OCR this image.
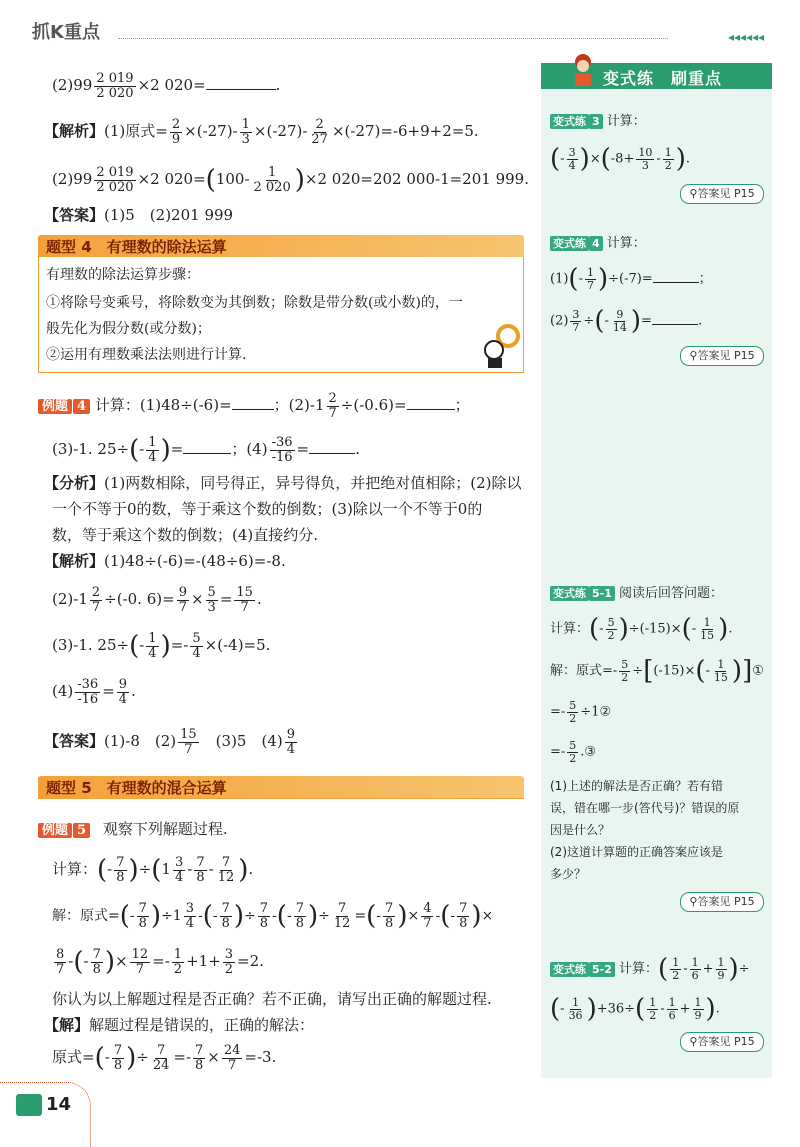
抓K重点	◂◂◂◂◂◂
$(2)99 \frac{2 019}{2 020} \times 2$ 020=	.
【解析】(1)原式= $\frac{2}{9} \times(-27)- \frac{1}{3} \times(-27)- \frac{2}{27} \times(-27)=-6+9+2=5$.
$(2)99 \frac{2 019}{2 020} \times 2$ $020=(100- \frac{1}{2 020} )\times 2$ 020=202 000-1=201 999.
【答案】(1)5　(2)201 999
题型 4　有理数的除法运算
有理数的除法运算步骤：
①将除号变乘号，将除数变为其倒数；除数是带分数(或小数)的，一
般先化为假分数(或分数)；
②运用有理数乘法法则进行计算.
例题 4 计算：(1)48÷(-6)=	；$(2)-1 \frac{2}{7} \div(-0.6)=$	；
(3)-1. $25\div(- \frac{1}{4}$ )=	；$(4) \frac{-36}{-16}$ =	.
【分析】(1)两数相除，同号得正，异号得负，并把绝对值相除；(2)除以
一个不等于0的数，等于乘这个数的倒数；(3)除以一个不等于0的
数，等于乘这个数的倒数；(4)直接约分.
【解析】(1)48÷(-6)=-(48÷6)=-8.
$(2)-1 \frac{2}{7} \div(-0$. $6)= \frac{9}{7} \times \frac{5}{3} = \frac{15}{7}$ .
(3)-1. $25\div(- \frac{1}{4}$ )=- $\frac{5}{4} \times(-4)=5$.
$(4) \frac{-36}{-16} = \frac{9}{4}$ .
【答案】(1)-8　$(2) \frac{15}{7}$ 　(3)5　$(4) \frac{9}{4}$
题型 5　有理数的混合运算
例题 5 观察下列解题过程.
计算：(- $\frac{7}{8} )\div(1 \frac{3}{4} - \frac{7}{8} - \frac{7}{12}$ ).
解：原式=(- $\frac{7}{8} )\div 1 \frac{3}{4}$ -(- $\frac{7}{8}$ )÷ $\frac{7}{8}$ -(- $\frac{7}{8}$ )÷ $\frac{7}{12}$ =(- $\frac{7}{8}$ )× $\frac{4}{7}$ -(- $\frac{7}{8}$ )×
$\frac{8}{7}$ -(- $\frac{7}{8}$ )× $\frac{12}{7} =- \frac{1}{2} +1+ \frac{3}{2} =2$.
你认为以上解题过程是否正确？若不正确，请写出正确的解题过程.
【解】解题过程是错误的，正确的解法：
原式=(- $\frac{7}{8}$ )÷ $\frac{7}{24} =- \frac{7}{8} \times \frac{24}{7} =-3$.
14
变式练　刷重点
变式练 3 计算：
(- $\frac{3}{4} )\times(-8+ \frac{10}{3} - \frac{1}{2}$ ).
⚲答案见 P15
变式练 4 计算：
$(1)(- \frac{1}{7} )\div(-7)=$	；
$(2) \frac{3}{7}$ ÷(- $\frac{9}{14}$ )=	.
⚲答案见 P15
变式练 5-1 阅读后回答问题：
计算：(- $\frac{5}{2} )\div(-15)\times(- \frac{1}{15}$ ).
解：原式=- $\frac{5}{2} \div[(-15)\times(- \frac{1}{15}$ )]①
=- $\frac{5}{2}$ ÷1②
=- $\frac{5}{2}$ .③
(1)上述的解法是否正确？若有错
误，错在哪一步(答代号)？错误的原
因是什么？
(2)这道计算题的正确答案应该是
多少？
⚲答案见 P15
变式练 5-2 计算：( $\frac{1}{2} - \frac{1}{6} + \frac{1}{9}$ )÷
(- $\frac{1}{36} )+36\div( \frac{1}{2} - \frac{1}{6} + \frac{1}{9}$ ).
⚲答案见 P15
